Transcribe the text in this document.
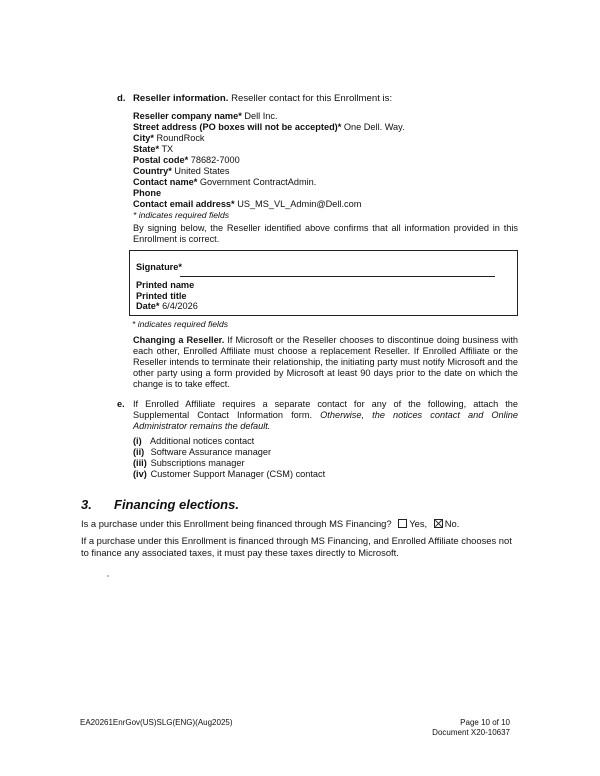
d. Reseller information. Reseller contact for this Enrollment is:
Reseller company name* Dell Inc.
Street address (PO boxes will not be accepted)* One Dell. Way.
City* RoundRock
State* TX
Postal code* 78682-7000
Country* United States
Contact name* Government ContractAdmin.
Phone
Contact email address* US_MS_VL_Admin@Dell.com
* indicates required fields
By signing below, the Reseller identified above confirms that all information provided in this Enrollment is correct.
Signature*
Printed name
Printed title
Date* 6/4/2026
* indicates required fields
Changing a Reseller. If Microsoft or the Reseller chooses to discontinue doing business with each other, Enrolled Affiliate must choose a replacement Reseller. If Enrolled Affiliate or the Reseller intends to terminate their relationship, the initiating party must notify Microsoft and the other party using a form provided by Microsoft at least 90 days prior to the date on which the change is to take effect.
e. If Enrolled Affiliate requires a separate contact for any of the following, attach the Supplemental Contact Information form. Otherwise, the notices contact and Online Administrator remains the default.
(i) Additional notices contact
(ii) Software Assurance manager
(iii) Subscriptions manager
(iv) Customer Support Manager (CSM) contact
3. Financing elections.
Is a purchase under this Enrollment being financed through MS Financing? Yes, No.
If a purchase under this Enrollment is financed through MS Financing, and Enrolled Affiliate chooses not to finance any associated taxes, it must pay these taxes directly to Microsoft.
EA20261EnrGov(US)SLG(ENG)(Aug2025)	Page 10 of 10
Document X20-10637
